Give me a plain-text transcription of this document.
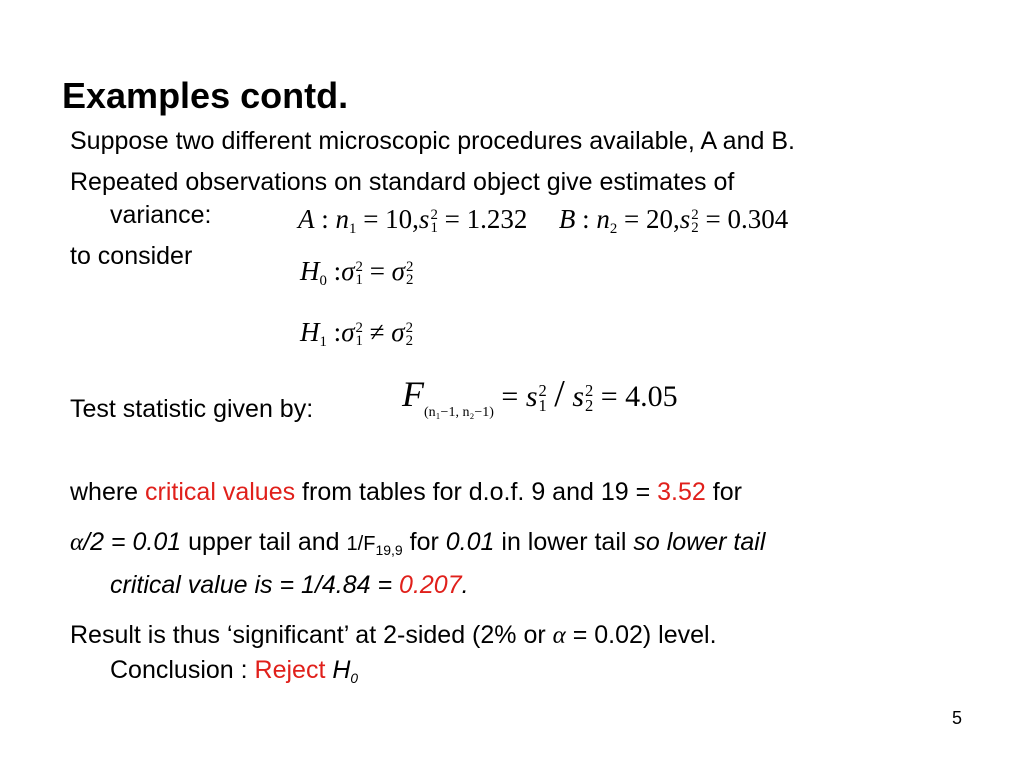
Examples contd.
Suppose two different microscopic procedures available, A and B.
Repeated observations on standard object give estimates of
variance:	A : $n_1 = 10,s$ 2
1 = 1.232 B : $n_2 = 20,s$ 2
2 = 0.304
to consider	$H_0$ :σ 2
1 = σ 2
2
$H_1$ :σ 2
1 ≠ σ 2
2
Test statistic given by: $F_{(n_1-1, n_2-1)} = s$ 2
1 / s 2
2 = 4.05
where critical values from tables for d.o.f. 9 and 19 = 3.52 for
α/2 = 0.01 upper tail and $1/F_{19,9}$ for 0.01 in lower tail so lower tail
critical value is = 1/4.84 = 0.207.
Result is thus ‘significant’ at 2-sided (2% or α = 0.02) level.
Conclusion : Reject $H_0$
5
